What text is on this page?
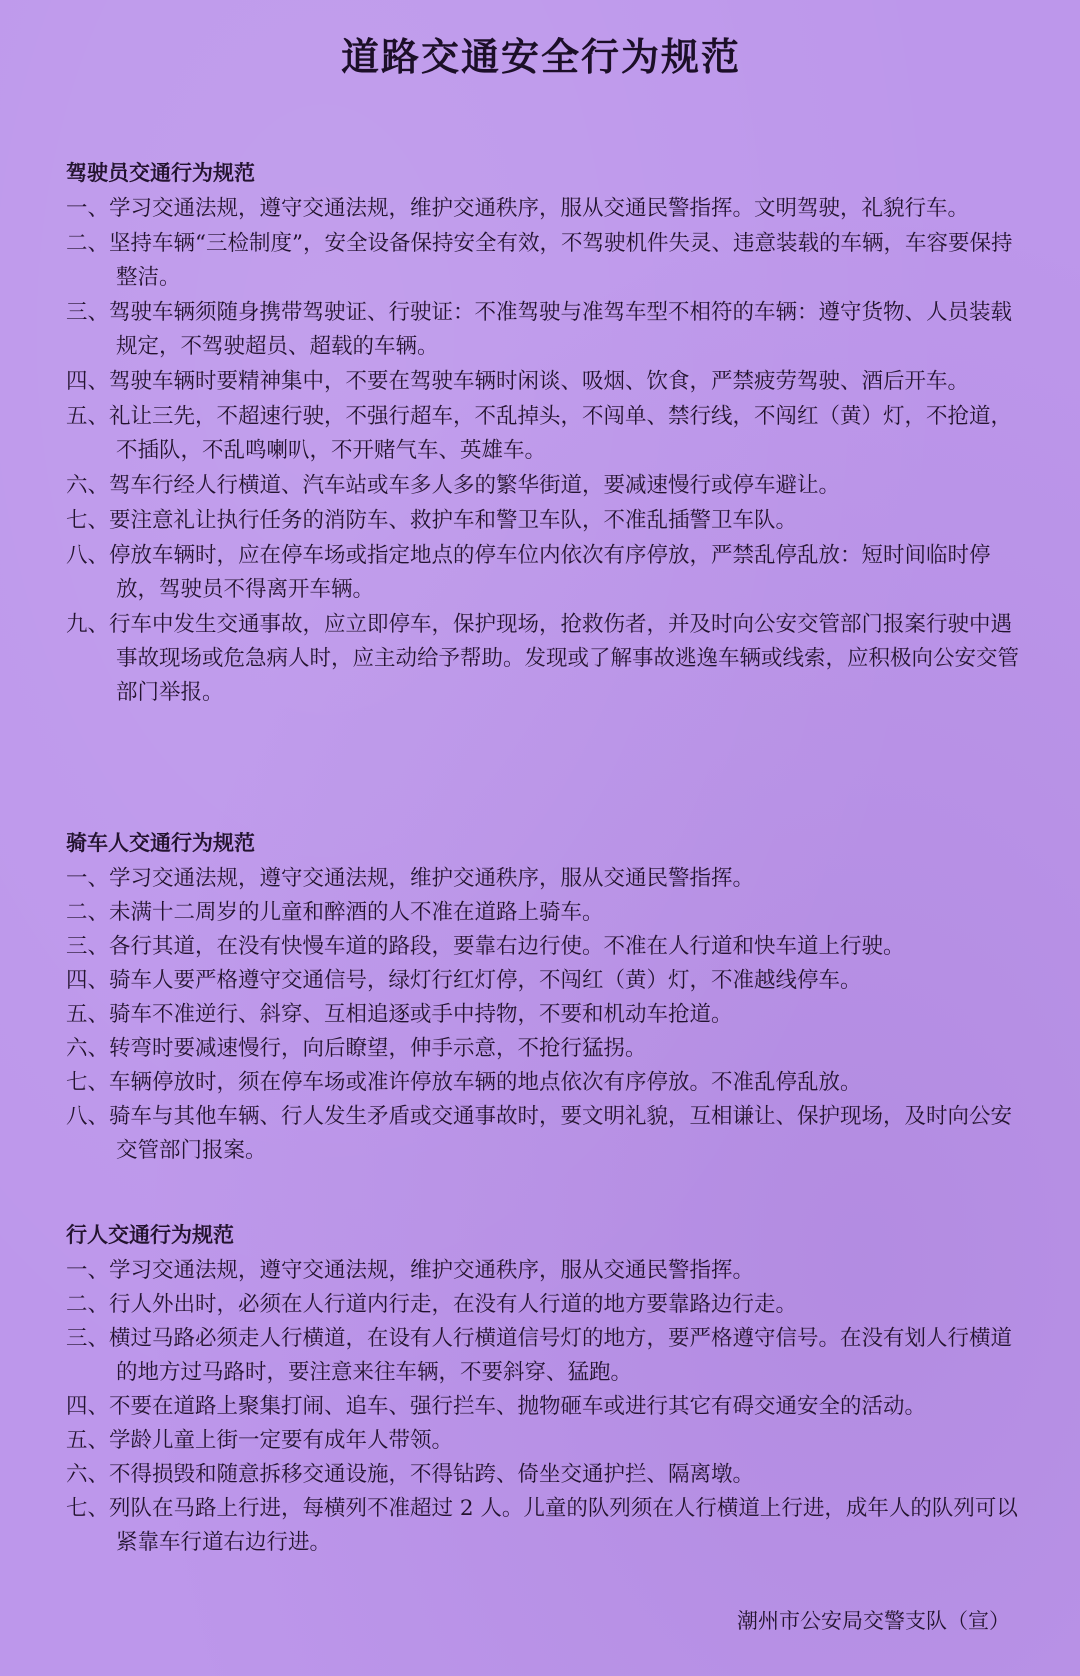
道路交通安全行为规范
驾驶员交通行为规范
一、学习交通法规，遵守交通法规，维护交通秩序，服从交通民警指挥。文明驾驶，礼貌行车。
二、坚持车辆“三检制度”，安全设备保持安全有效，不驾驶机件失灵、违意装载的车辆，车容要保持整洁。
三、驾驶车辆须随身携带驾驶证、行驶证：不准驾驶与准驾车型不相符的车辆：遵守货物、人员装载规定，不驾驶超员、超载的车辆。
四、驾驶车辆时要精神集中，不要在驾驶车辆时闲谈、吸烟、饮食，严禁疲劳驾驶、酒后开车。
五、礼让三先，不超速行驶，不强行超车，不乱掉头，不闯单、禁行线，不闯红（黄）灯，不抢道，不插队，不乱鸣喇叭，不开赌气车、英雄车。
六、驾车行经人行横道、汽车站或车多人多的繁华街道，要减速慢行或停车避让。
七、要注意礼让执行任务的消防车、救护车和警卫车队，不准乱插警卫车队。
八、停放车辆时，应在停车场或指定地点的停车位内依次有序停放，严禁乱停乱放：短时间临时停放，驾驶员不得离开车辆。
九、行车中发生交通事故，应立即停车，保护现场，抢救伤者，并及时向公安交管部门报案行驶中遇事故现场或危急病人时，应主动给予帮助。发现或了解事故逃逸车辆或线索，应积极向公安交管部门举报。
骑车人交通行为规范
一、学习交通法规，遵守交通法规，维护交通秩序，服从交通民警指挥。
二、未满十二周岁的儿童和醉酒的人不准在道路上骑车。
三、各行其道，在没有快慢车道的路段，要靠右边行使。不准在人行道和快车道上行驶。
四、骑车人要严格遵守交通信号，绿灯行红灯停，不闯红（黄）灯，不准越线停车。
五、骑车不准逆行、斜穿、互相追逐或手中持物，不要和机动车抢道。
六、转弯时要减速慢行，向后瞭望，伸手示意，不抢行猛拐。
七、车辆停放时，须在停车场或准许停放车辆的地点依次有序停放。不准乱停乱放。
八、骑车与其他车辆、行人发生矛盾或交通事故时，要文明礼貌，互相谦让、保护现场，及时向公安交管部门报案。
行人交通行为规范
一、学习交通法规，遵守交通法规，维护交通秩序，服从交通民警指挥。
二、行人外出时，必须在人行道内行走，在没有人行道的地方要靠路边行走。
三、横过马路必须走人行横道，在设有人行横道信号灯的地方，要严格遵守信号。在没有划人行横道的地方过马路时，要注意来往车辆，不要斜穿、猛跑。
四、不要在道路上聚集打闹、追车、强行拦车、抛物砸车或进行其它有碍交通安全的活动。
五、学龄儿童上街一定要有成年人带领。
六、不得损毁和随意拆移交通设施，不得钻跨、倚坐交通护拦、隔离墩。
七、列队在马路上行进，每横列不准超过 2 人。儿童的队列须在人行横道上行进，成年人的队列可以紧靠车行道右边行进。
潮州市公安局交警支队（宣）
